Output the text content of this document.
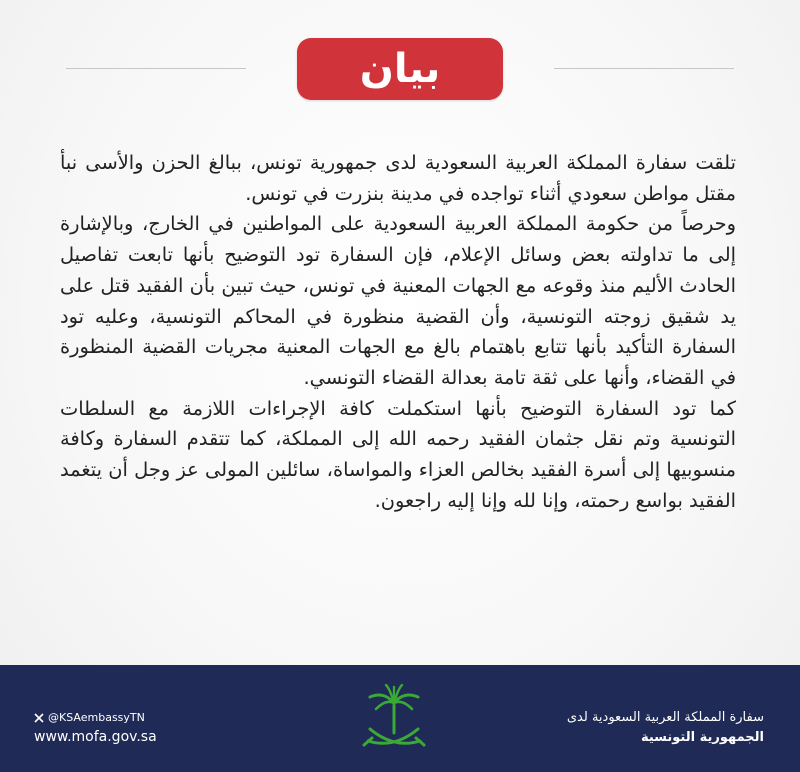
بيان

تلقت سفارة المملكة العربية السعودية لدى جمهورية تونس، ببالغ الحزن والأسى نبأ مقتل مواطن سعودي أثناء تواجده في مدينة بنزرت في تونس.

وحرصاً من حكومة المملكة العربية السعودية على المواطنين في الخارج، وبالإشارة إلى ما تداولته بعض وسائل الإعلام، فإن السفارة تود التوضيح بأنها تابعت تفاصيل الحادث الأليم منذ وقوعه مع الجهات المعنية في تونس، حيث تبين بأن الفقيد قتل على يد شقيق زوجته التونسية، وأن القضية منظورة في المحاكم التونسية، وعليه تود السفارة التأكيد بأنها تتابع باهتمام بالغ مع الجهات المعنية مجريات القضية المنظورة في القضاء، وأنها على ثقة تامة بعدالة القضاء التونسي.

كما تود السفارة التوضيح بأنها استكملت كافة الإجراءات اللازمة مع السلطات التونسية وتم نقل جثمان الفقيد رحمه الله إلى المملكة، كما تتقدم السفارة وكافة منسوبيها إلى أسرة الفقيد بخالص العزاء والمواساة، سائلين المولى عز وجل أن يتغمد الفقيد بواسع رحمته، وإنا لله وإنا إليه راجعون.

@KSAembassyTN
www.mofa.gov.sa
سفارة المملكة العربية السعودية لدى
الجمهورية التونسية
